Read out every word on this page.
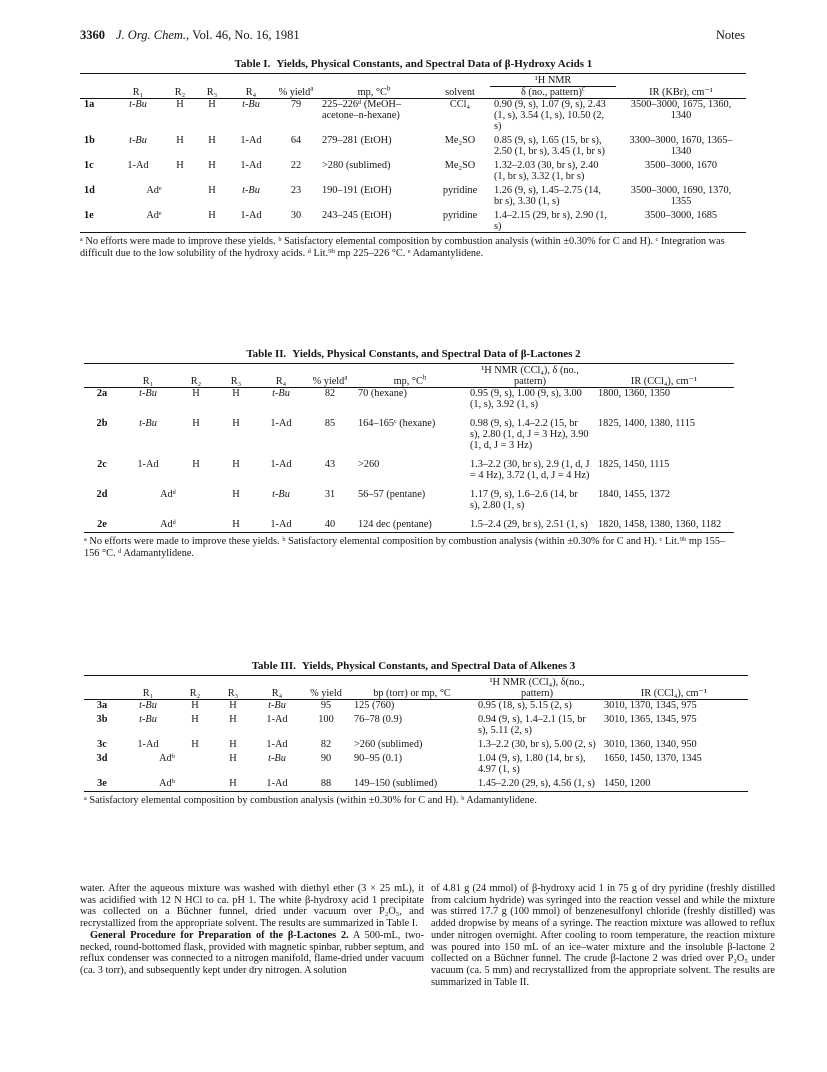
3360 J. Org. Chem., Vol. 46, No. 16, 1981	Notes
Table I. Yields, Physical Constants, and Spectral Data of β-Hydroxy Acids 1
								¹H NMR	
	R₁	R₂	R₃	R₄	% yield$^a$	mp, $^\circ C^b$	solvent	δ (no., pattern)$^c$	IR (KBr), cm⁻¹
1a	t-Bu	H	H	t-Bu	79	225–226ᵈ (MeOH–acetone–n-hexane)	CCl₄	0.90 (9, s), 1.07 (9, s), 2.43 (1, s), 3.54 (1, s), 10.50 (2, s)	3500–3000, 1675, 1360, 1340
1b	t-Bu	H	H	1-Ad	64	279–281 (EtOH)	Me₂SO	0.85 (9, s), 1.65 (15, br s), 2.50 (1, br s), 3.45 (1, br s)	3300–3000, 1670, 1365–1340
1c	1-Ad	H	H	1-Ad	22	>280 (sublimed)	Me₂SO	1.32–2.03 (30, br s), 2.40 (1, br s), 3.32 (1, br s)	3500–3000, 1670
1d	Adᵉ		H	t-Bu	23	190–191 (EtOH)	pyridine	1.26 (9, s), 1.45–2.75 (14, br s), 3.30 (1, s)	3500–3000, 1690, 1370, 1355
1e	Adᵉ		H	1-Ad	30	243–245 (EtOH)	pyridine	1.4–2.15 (29, br s), 2.90 (1, s)	3500–3000, 1685
ᵃ No efforts were made to improve these yields. ᵇ Satisfactory elemental composition by combustion analysis (within ±0.30% for C and H). ᶜ Integration was difficult due to the low solubility of the hydroxy acids. ᵈ Lit.⁹ᵇ mp 225–226 °C. ᵉ Adamantylidene.
Table II. Yields, Physical Constants, and Spectral Data of β-Lactones 2
	R₁	R₂	R₃	R₄	% yield$^a$	mp, $^\circ C^b$	¹H NMR (CCl₄), δ (no., pattern)	IR (CCl₄), cm⁻¹
2a	t-Bu	H	H	t-Bu	82	70 (hexane)	0.95 (9, s), 1.00 (9, s), 3.00 (1, s), 3.92 (1, s)	1800, 1360, 1350
2b	t-Bu	H	H	1-Ad	85	164–165ᶜ (hexane)	0.98 (9, s), 1.4–2.2 (15, br s), 2.80 (1, d, J = 3 Hz), 3.90 (1, d, J = 3 Hz)	1825, 1400, 1380, 1115
2c	1-Ad	H	H	1-Ad	43	>260	1.3–2.2 (30, br s), 2.9 (1, d, J = 4 Hz), 3.72 (1, d, J = 4 Hz)	1825, 1450, 1115
2d	Adᵈ		H	t-Bu	31	56–57 (pentane)	1.17 (9, s), 1.6–2.6 (14, br s), 2.80 (1, s)	1840, 1455, 1372
2e	Adᵈ		H	1-Ad	40	124 dec (pentane)	1.5–2.4 (29, br s), 2.51 (1, s)	1820, 1458, 1380, 1360, 1182
ᵃ No efforts were made to improve these yields. ᵇ Satisfactory elemental composition by combustion analysis (within ±0.30% for C and H). ᶜ Lit.⁹ᵇ mp 155–156 °C. ᵈ Adamantylidene.
Table III. Yields, Physical Constants, and Spectral Data of Alkenes 3
	R₁	R₂	R₃	R₄	% yield	bp (torr) or mp, °C	¹H NMR (CCl₄), δ(no., pattern)	IR (CCl₄), cm⁻¹
3a	t-Bu	H	H	t-Bu	95	125 (760)	0.95 (18, s), 5.15 (2, s)	3010, 1370, 1345, 975
3b	t-Bu	H	H	1-Ad	100	76–78 (0.9)	0.94 (9, s), 1.4–2.1 (15, br s), 5.11 (2, s)	3010, 1365, 1345, 975
3c	1-Ad	H	H	1-Ad	82	>260 (sublimed)	1.3–2.2 (30, br s), 5.00 (2, s)	3010, 1360, 1340, 950
3d	Adᵇ		H	t-Bu	90	90–95 (0.1)	1.04 (9, s), 1.80 (14, br s), 4.97 (1, s)	1650, 1450, 1370, 1345
3e	Adᵇ		H	1-Ad	88	149–150 (sublimed)	1.45–2.20 (29, s), 4.56 (1, s)	1450, 1200
ᵃ Satisfactory elemental composition by combustion analysis (within ±0.30% for C and H). ᵇ Adamantylidene.

water. After the aqueous mixture was washed with diethyl ether (3 × 25 mL), it was acidified with 12 N HCl to ca. pH 1. The white β-hydroxy acid 1 precipitate was collected on a Büchner funnel, dried under vacuum over P₂O₅, and recrystallized from the appropriate solvent. The results are summarized in Table I.

General Procedure for Preparation of the β-Lactones 2. A 500-mL, two-necked, round-bottomed flask, provided with magnetic spinbar, rubber septum, and reflux condenser was connected to a nitrogen manifold, flame-dried under vacuum (ca. 3 torr), and subsequently kept under dry nitrogen. A solution

of 4.81 g (24 mmol) of β-hydroxy acid 1 in 75 g of dry pyridine (freshly distilled from calcium hydride) was syringed into the reaction vessel and while the mixture was stirred 17.7 g (100 mmol) of benzenesulfonyl chloride (freshly distilled) was added dropwise by means of a syringe. The reaction mixture was allowed to reflux under nitrogen overnight. After cooling to room temperature, the reaction mixture was poured into 150 mL of an ice–water mixture and the insoluble β-lactone 2 collected on a Büchner funnel. The crude β-lactone 2 was dried over P₂O₅ under vacuum (ca. 5 mm) and recrystallized from the appropriate solvent. The results are summarized in Table II.
